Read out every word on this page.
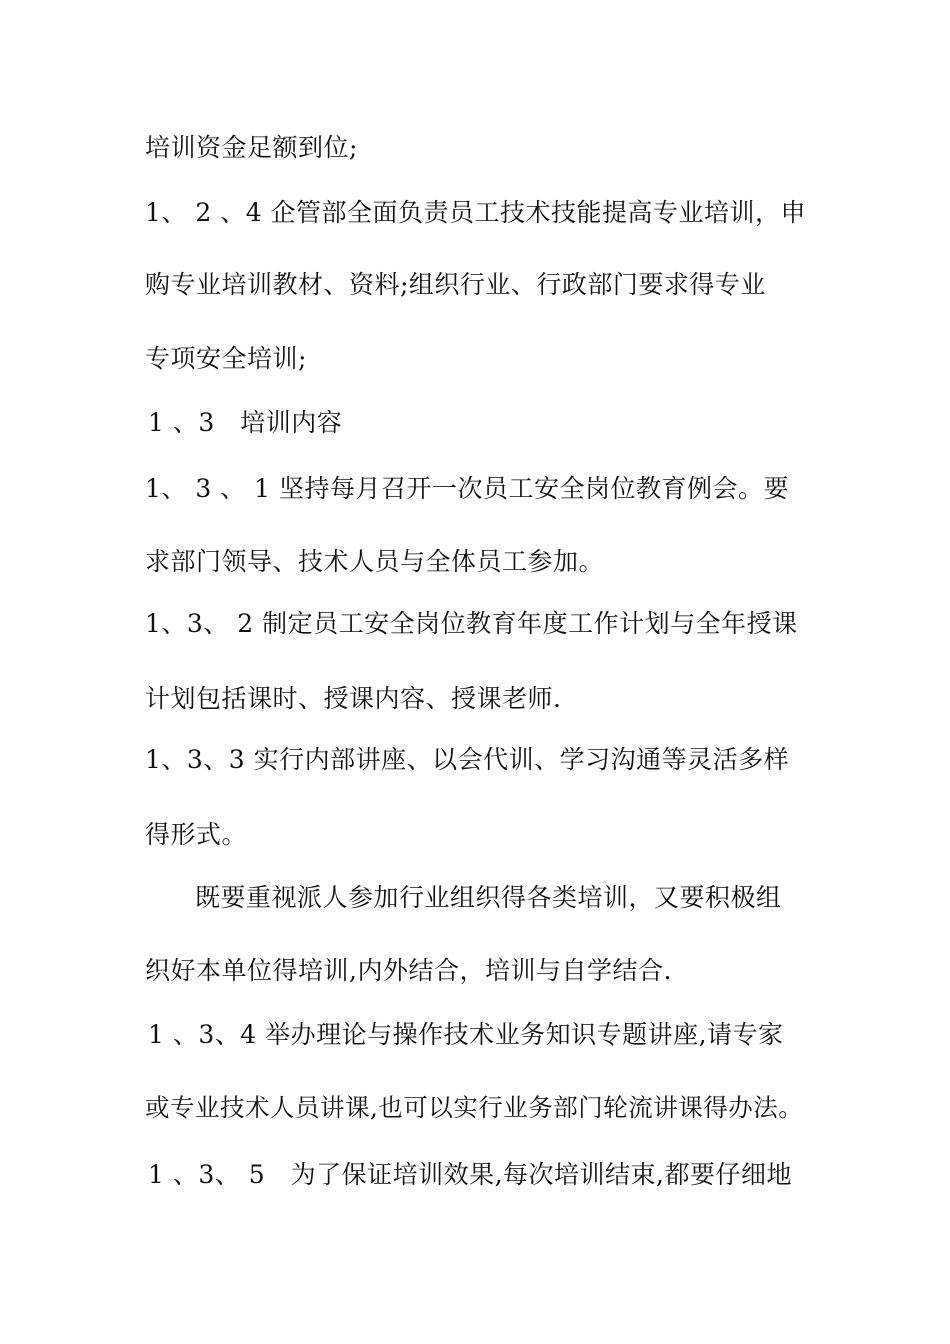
培训资金足额到位;
1、 2 、4 企管部全面负责员工技术技能提高专业培训，申
购专业培训教材、资料;组织行业、行政部门要求得专业
专项安全培训;
1 、3　培训内容
1、 3 、 1 坚持每月召开一次员工安全岗位教育例会。要
求部门领导、技术人员与全体员工参加。
1、3、 2 制定员工安全岗位教育年度工作计划与全年授课
计划包括课时、授课内容、授课老师.
1、3、3 实行内部讲座、以会代训、学习沟通等灵活多样
得形式。
既要重视派人参加行业组织得各类培训，又要积极组
织好本单位得培训,内外结合，培训与自学结合.
1 、3、4 举办理论与操作技术业务知识专题讲座,请专家
或专业技术人员讲课,也可以实行业务部门轮流讲课得办法。
1 、3、 5　为了保证培训效果,每次培训结束,都要仔细地
